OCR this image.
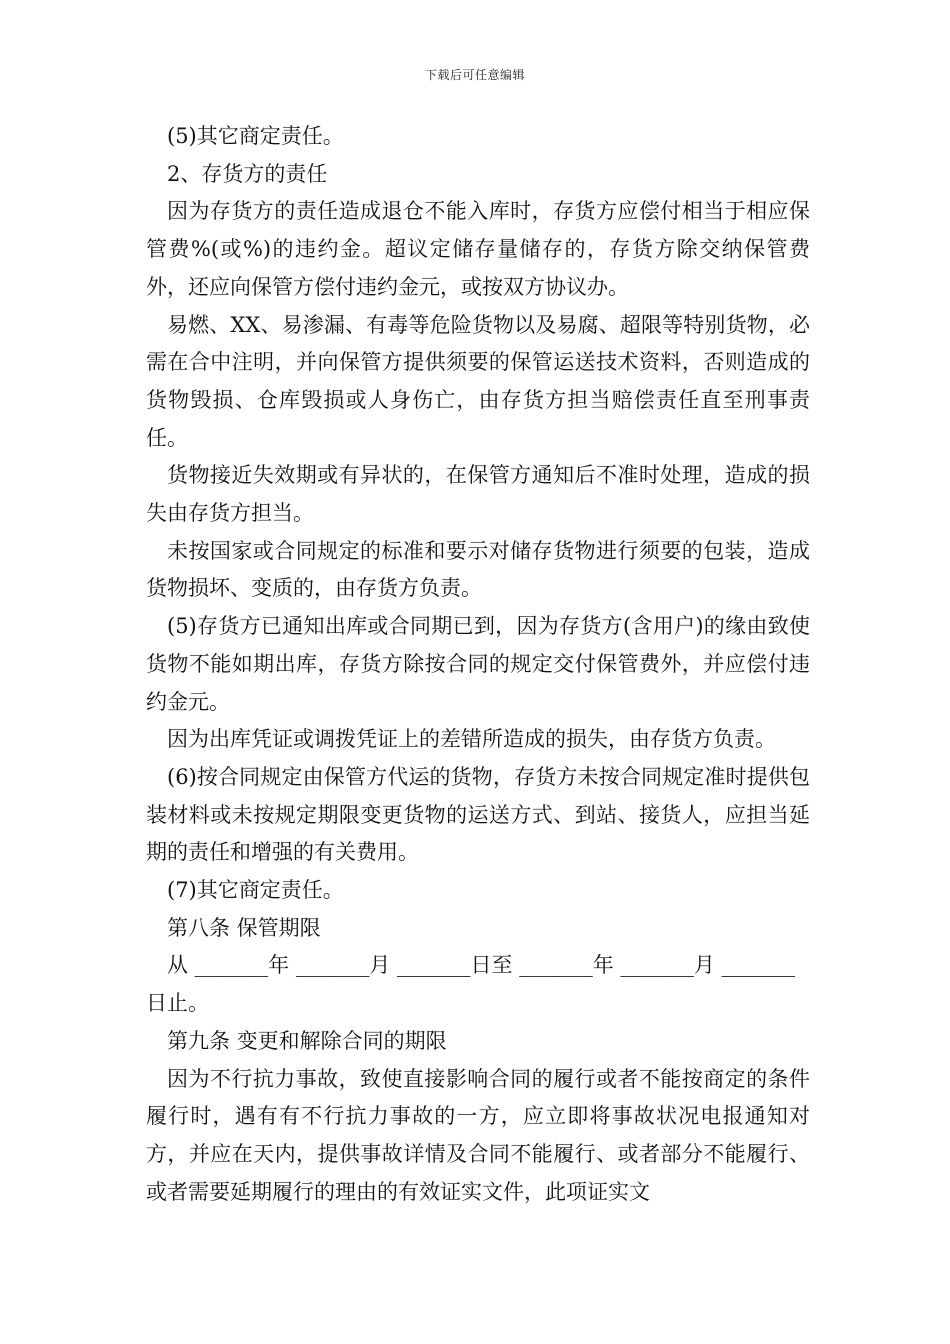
下载后可任意编辑

(5)其它商定责任。

2、存货方的责任

因为存货方的责任造成退仓不能入库时，存货方应偿付相当于相应保管费%(或%)的违约金。超议定储存量储存的，存货方除交纳保管费外，还应向保管方偿付违约金元，或按双方协议办。

易燃、XX、易渗漏、有毒等危险货物以及易腐、超限等特别货物，必需在合中注明，并向保管方提供须要的保管运送技术资料，否则造成的货物毁损、仓库毁损或人身伤亡，由存货方担当赔偿责任直至刑事责任。

货物接近失效期或有异状的，在保管方通知后不准时处理，造成的损失由存货方担当。

未按国家或合同规定的标准和要示对储存货物进行须要的包装，造成货物损坏、变质的，由存货方负责。

(5)存货方已通知出库或合同期已到，因为存货方(含用户)的缘由致使货物不能如期出库，存货方除按合同的规定交付保管费外，并应偿付违约金元。

因为出库凭证或调拨凭证上的差错所造成的损失，由存货方负责。

(6)按合同规定由保管方代运的货物，存货方未按合同规定准时提供包装材料或未按规定期限变更货物的运送方式、到站、接货人，应担当延期的责任和增强的有关费用。

(7)其它商定责任。

第八条 保管期限

从 _______年 _______月 _______日至 _______年 _______月 _______日止。

第九条 变更和解除合同的期限

因为不行抗力事故，致使直接影响合同的履行或者不能按商定的条件履行时，遇有有不行抗力事故的一方，应立即将事故状况电报通知对方，并应在天内，提供事故详情及合同不能履行、或者部分不能履行、或者需要延期履行的理由的有效证实文件，此项证实文
